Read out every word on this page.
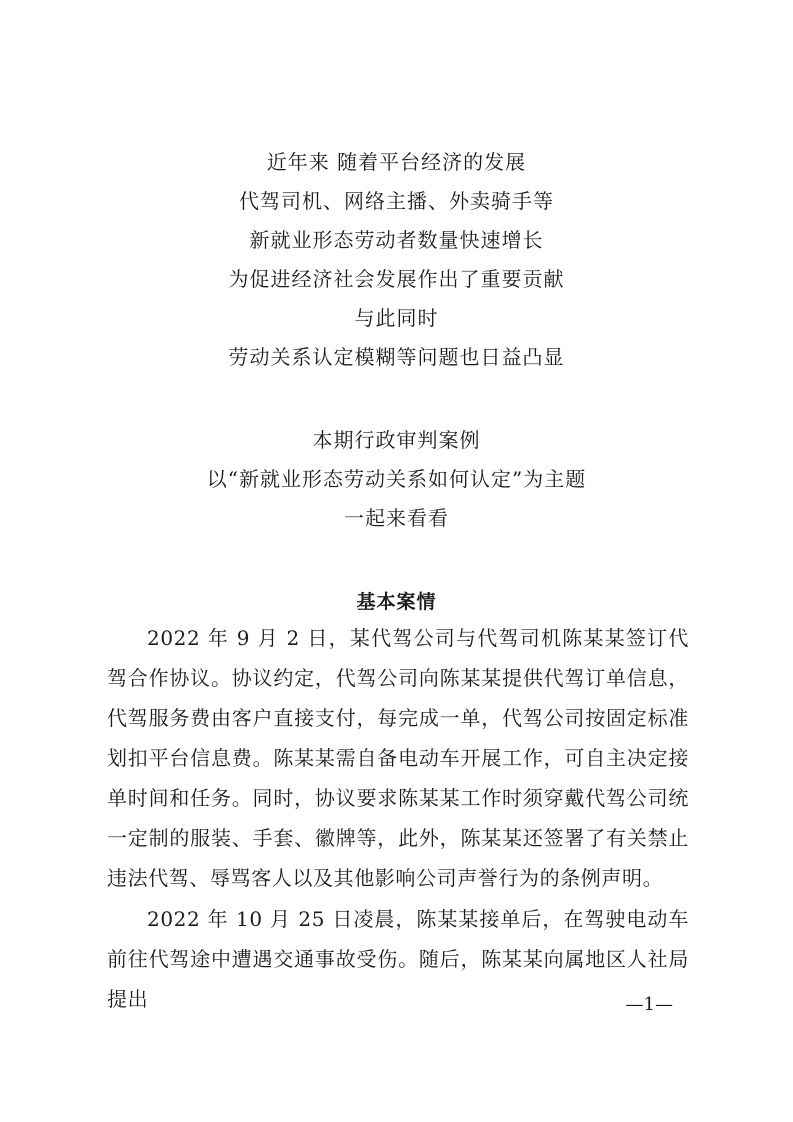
近年来 随着平台经济的发展

代驾司机、网络主播、外卖骑手等

新就业形态劳动者数量快速增长

为促进经济社会发展作出了重要贡献

与此同时

劳动关系认定模糊等问题也日益凸显

本期行政审判案例

以“新就业形态劳动关系如何认定”为主题

一起来看看

基本案情

2022 年 9 月 2 日，某代驾公司与代驾司机陈某某签订代驾合作协议。协议约定，代驾公司向陈某某提供代驾订单信息，代驾服务费由客户直接支付，每完成一单，代驾公司按固定标准划扣平台信息费。陈某某需自备电动车开展工作，可自主决定接单时间和任务。同时，协议要求陈某某工作时须穿戴代驾公司统一定制的服装、手套、徽牌等，此外，陈某某还签署了有关禁止违法代驾、辱骂客人以及其他影响公司声誉行为的条例声明。

2022 年 10 月 25 日凌晨，陈某某接单后，在驾驶电动车前往代驾途中遭遇交通事故受伤。随后，陈某某向属地区人社局提出	—1—
